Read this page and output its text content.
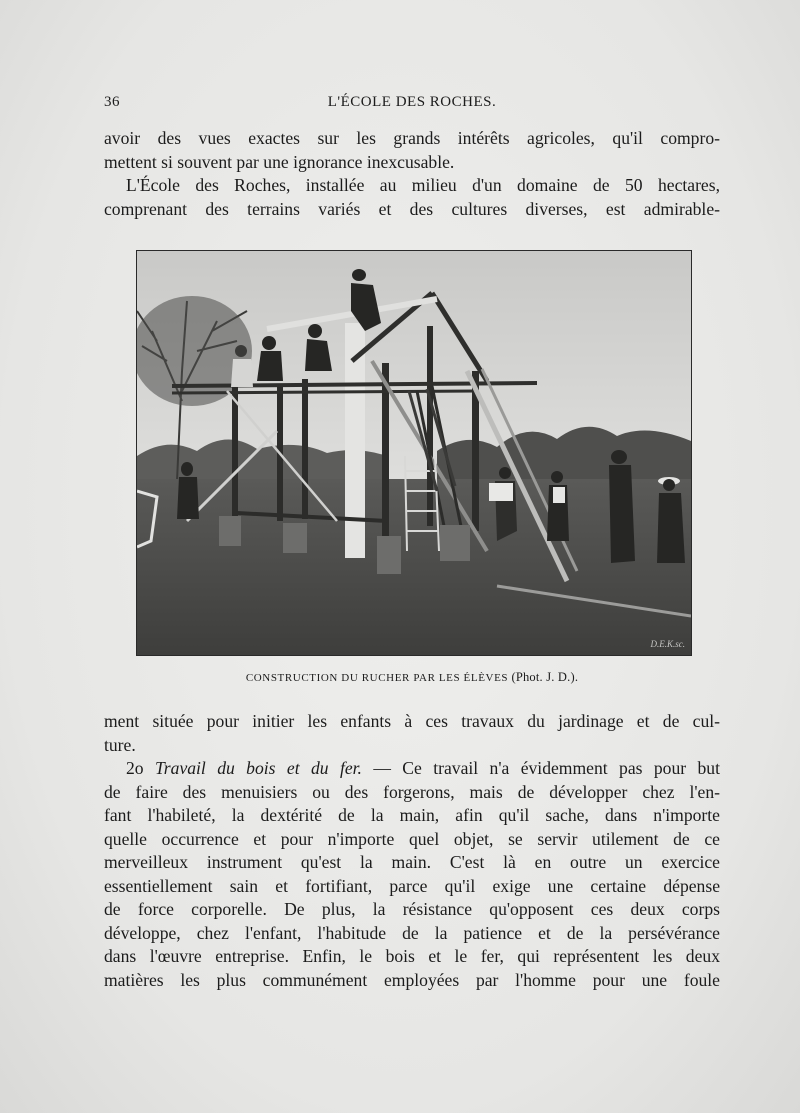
36	L'ÉCOLE DES ROCHES.
avoir des vues exactes sur les grands intérêts agricoles, qu'il compro-
mettent si souvent par une ignorance inexcusable.
L'École des Roches, installée au milieu d'un domaine de 50 hectares,
comprenant des terrains variés et des cultures diverses, est admirable-
D.E.K.sc.
CONSTRUCTION DU RUCHER PAR LES ÉLÈVES (Phot. J. D.).
ment située pour initier les enfants à ces travaux du jardinage et de cul-
ture.
2o Travail du bois et du fer. — Ce travail n'a évidemment pas pour but
de faire des menuisiers ou des forgerons, mais de développer chez l'en-
fant l'habileté, la dextérité de la main, afin qu'il sache, dans n'importe
quelle occurrence et pour n'importe quel objet, se servir utilement de ce
merveilleux instrument qu'est la main. C'est là en outre un exercice
essentiellement sain et fortifiant, parce qu'il exige une certaine dépense
de force corporelle. De plus, la résistance qu'opposent ces deux corps
développe, chez l'enfant, l'habitude de la patience et de la persévérance
dans l'œuvre entreprise. Enfin, le bois et le fer, qui représentent les deux
matières les plus communément employées par l'homme pour une foule
